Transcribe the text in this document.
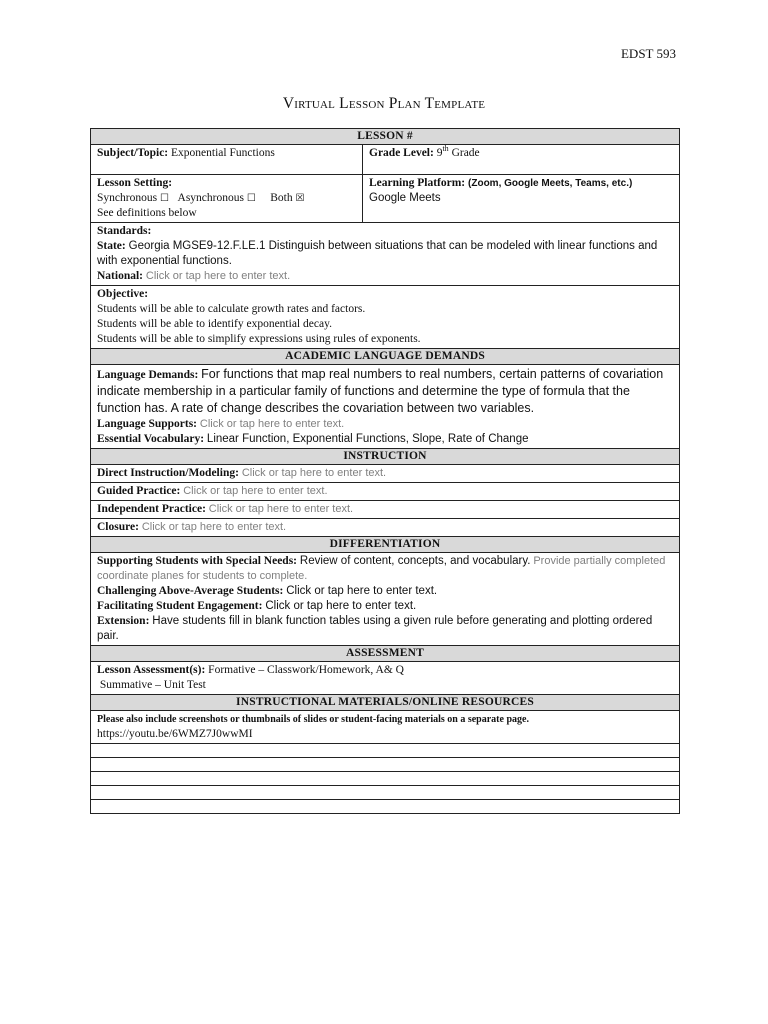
EDST 593
Virtual Lesson Plan Template
LESSON #	
Subject/Topic: Exponential Functions	Grade Level: 9th Grade
Lesson Setting:
Synchronous ☐ Asynchronous ☐ Both ☒
See definitions below	Learning Platform: (Zoom, Google Meets, Teams, etc.)
Google Meets
Standards:
State: Georgia MGSE9-12.F.LE.1 Distinguish between situations that can be modeled with linear functions and with exponential functions.
National: Click or tap here to enter text.	
Objective:
Students will be able to calculate growth rates and factors.
Students will be able to identify exponential decay.
Students will be able to simplify expressions using rules of exponents.	
ACADEMIC LANGUAGE DEMANDS	
Language Demands: For functions that map real numbers to real numbers, certain patterns of covariation indicate membership in a particular family of functions and determine the type of formula that the function has. A rate of change describes the covariation between two variables.
Language Supports: Click or tap here to enter text.
Essential Vocabulary: Linear Function, Exponential Functions, Slope, Rate of Change	
INSTRUCTION	
Direct Instruction/Modeling: Click or tap here to enter text.	
Guided Practice: Click or tap here to enter text.	
Independent Practice: Click or tap here to enter text.	
Closure: Click or tap here to enter text.	
DIFFERENTIATION	
Supporting Students with Special Needs: Review of content, concepts, and vocabulary. Provide partially completed coordinate planes for students to complete.
Challenging Above-Average Students: Click or tap here to enter text.
Facilitating Student Engagement: Click or tap here to enter text.
Extension: Have students fill in blank function tables using a given rule before generating and plotting ordered pair.	
ASSESSMENT	
Lesson Assessment(s): Formative – Classwork/Homework, A& Q
Summative – Unit Test	
INSTRUCTIONAL MATERIALS/ONLINE RESOURCES	
Please also include screenshots or thumbnails of slides or student-facing materials on a separate page.
https://youtu.be/6WMZ7J0wwMI	
